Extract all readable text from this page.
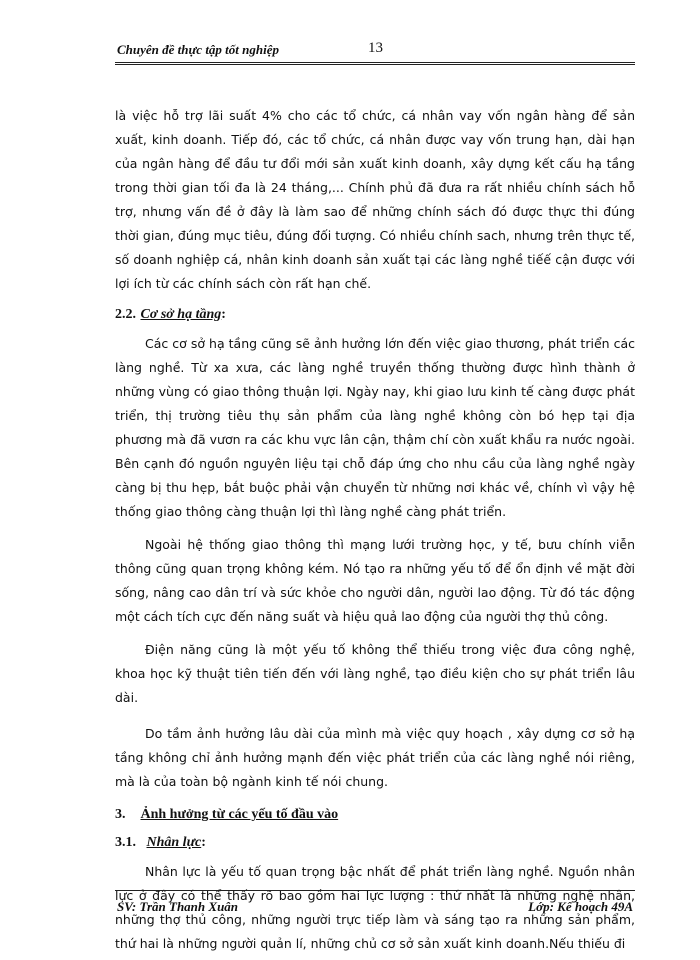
Chuyên đề thực tập tốt nghiệp	13

là việc hỗ trợ lãi suất 4% cho các tổ chức, cá nhân vay vốn ngân hàng để sản xuất, kinh doanh. Tiếp đó, các tổ chức, cá nhân được vay vốn trung hạn, dài hạn của ngân hàng để đầu tư đổi mới sản xuất kinh doanh, xây dựng kết cấu hạ tầng trong thời gian tối đa là 24 tháng,... Chính phủ đã đưa ra rất nhiều chính sách hỗ trợ, nhưng vấn đề ở đây là làm sao để những chính sách đó được thực thi đúng thời gian, đúng mục tiêu, đúng đối tượng. Có nhiều chính sach, nhưng trên thực tế, số doanh nghiệp cá, nhân kinh doanh sản xuất tại các làng nghề tiếế cận được với lợi ích từ các chính sách còn rất hạn chế.

2.2. Cơ sở hạ tầng:

Các cơ sở hạ tầng cũng sẽ ảnh hưởng lớn đến việc giao thương, phát triển các làng nghề. Từ xa xưa, các làng nghề truyền thống thường được hình thành ở những vùng có giao thông thuận lợi. Ngày nay, khi giao lưu kinh tế càng được phát triển, thị trường tiêu thụ sản phẩm của làng nghề không còn bó hẹp tại địa phương mà đã vươn ra các khu vực lân cận, thậm chí còn xuất khẩu ra nước ngoài. Bên cạnh đó nguồn nguyên liệu tại chỗ đáp ứng cho nhu cầu của làng nghề ngày càng bị thu hẹp, bắt buộc phải vận chuyển từ những nơi khác về, chính vì vậy hệ thống giao thông càng thuận lợi thì làng nghề càng phát triển.

Ngoài hệ thống giao thông thì mạng lưới trường học, y tế, bưu chính viễn thông cũng quan trọng không kém. Nó tạo ra những yếu tố để ổn định về mặt đời sống, nâng cao dân trí và sức khỏe cho người dân, người lao động. Từ đó tác động một cách tích cực đến năng suất và hiệu quả lao động của người thợ thủ công.

Điện năng cũng là một yếu tố không thể thiếu trong việc đưa công nghệ, khoa học kỹ thuật tiên tiến đến với làng nghề, tạo điều kiện cho sự phát triển lâu dài.

Do tầm ảnh hưởng lâu dài của mình mà việc quy hoạch , xây dựng cơ sở hạ tầng không chỉ ảnh hưởng mạnh đến việc phát triển của các làng nghề nói riêng, mà là của toàn bộ ngành kinh tế nói chung.

3. Ảnh hưởng từ các yếu tố đầu vào

3.1. Nhân lực:

Nhân lực là yếu tố quan trọng bậc nhất để phát triển làng nghề. Nguồn nhân lực ở đây có thể thấy rõ bao gồm hai lực lượng : thứ nhất là những nghệ nhân, những thợ thủ công, những người trực tiếp làm và sáng tạo ra những sản phẩm, thứ hai là những người quản lí, những chủ cơ sở sản xuất kinh doanh.Nếu thiếu đi

SV: Trần Thanh Xuân	Lớp: Kế hoạch 49A
